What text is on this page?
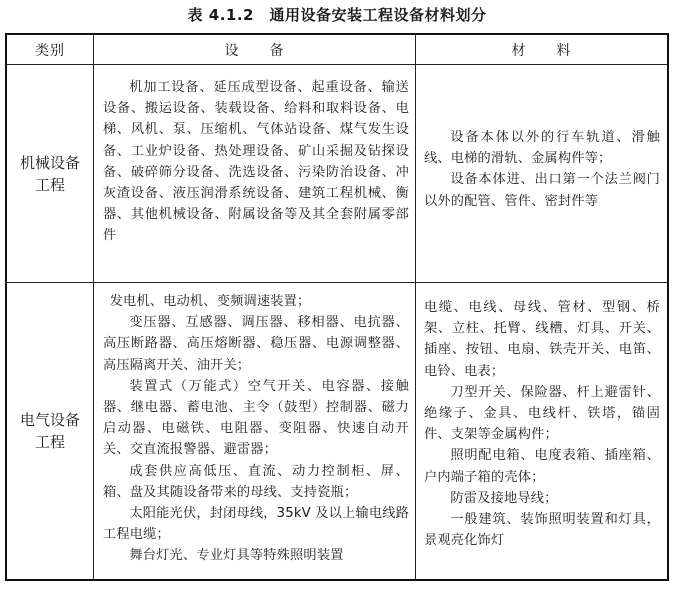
表 4.1.2　通用设备安装工程设备材料划分
类别	设　　备	材　　料
机械设备
工程

机加工设备、延压成型设备、起重设备、输送设备、搬运设备、装载设备、给料和取料设备、电梯、风机、泵、压缩机、气体站设备、煤气发生设备、工业炉设备、热处理设备、矿山采掘及钻探设备、破碎筛分设备、洗选设备、污染防治设备、冲灰渣设备、液压润滑系统设备、建筑工程机械、衡器、其他机械设备、附属设备等及其全套附属零部件

设备本体以外的行车轨道、滑触线、电梯的滑轨、金属构件等；

设备本体进、出口第一个法兰阀门以外的配管、管件、密封件等

电气设备
工程

发电机、电动机、变频调速装置；

变压器、互感器、调压器、移相器、电抗器、高压断路器、高压熔断器、稳压器、电源调整器、高压隔离开关、油开关；

装置式（万能式）空气开关、电容器、接触器、继电器、蓄电池、主令（鼓型）控制器、磁力启动器、电磁铁、电阻器、变阻器、快速自动开关、交直流报警器、避雷器；

成套供应高低压、直流、动力控制柜、屏、箱、盘及其随设备带来的母线、支持瓷瓶；

太阳能光伏，封闭母线，35kV 及以上输电线路工程电缆；

舞台灯光、专业灯具等特殊照明装置

电缆、电线、母线、管材、型钢、桥架、立柱、托臂、线槽、灯具、开关、插座、按钮、电扇、铁壳开关、电笛、电铃、电表；

刀型开关、保险器、杆上避雷针、绝缘子、金具、电线杆、铁塔，锚固件、支架等金属构件；

照明配电箱、电度表箱、插座箱、户内端子箱的壳体；

防雷及接地导线；

一般建筑、装饰照明装置和灯具，景观亮化饰灯
